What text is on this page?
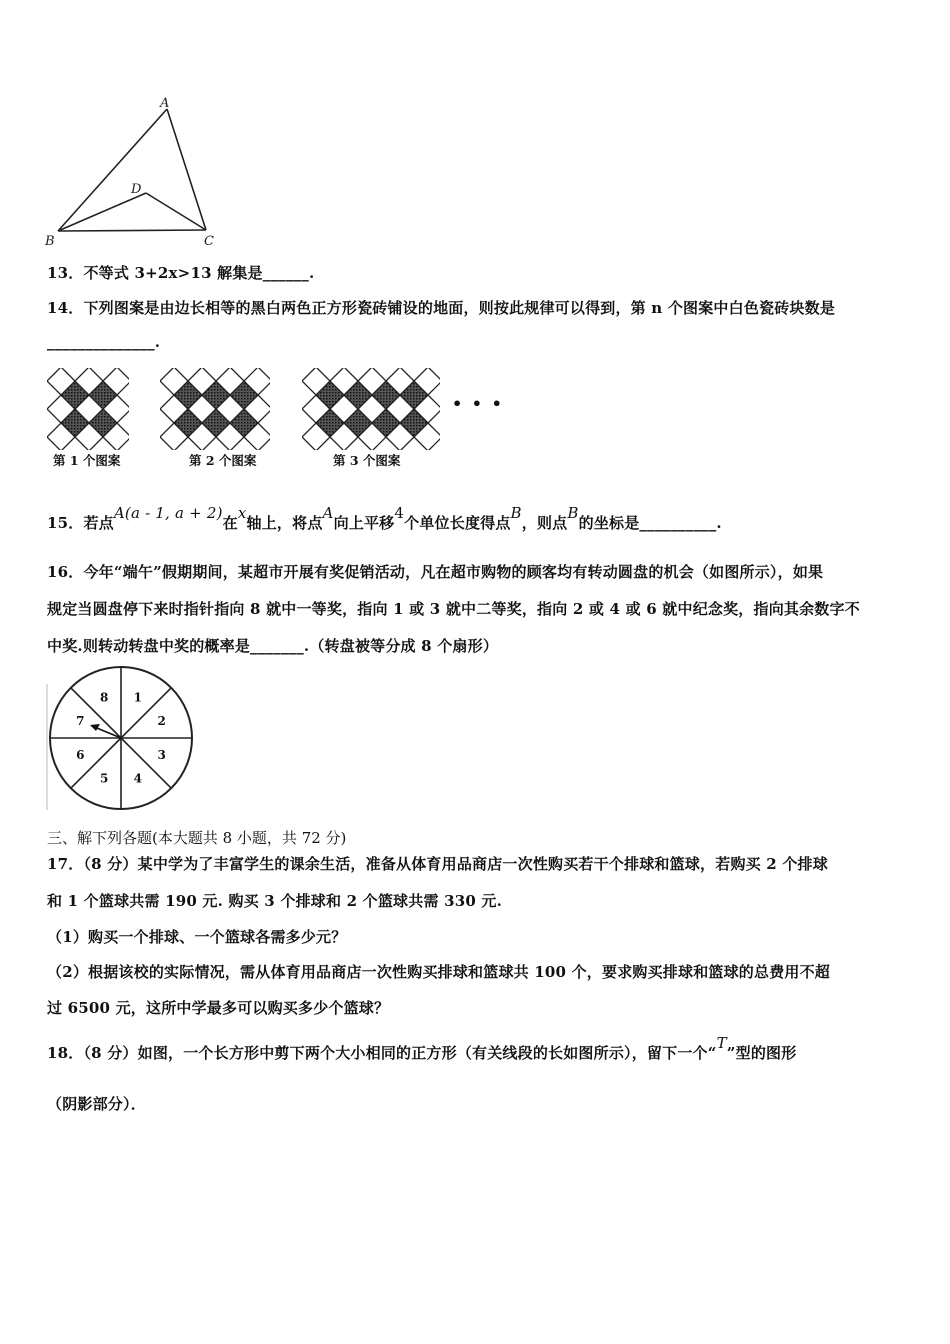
A
B	C
D
13．不等式 3+2x>13 解集是______.
14．下列图案是由边长相等的黑白两色正方形瓷砖铺设的地面，则按此规律可以得到，第 n 个图案中白色瓷砖块数是
______________.
• • •
第 1 个图案	第 2 个图案	第 3 个图案
15．若点A(a - 1, a + 2)在x轴上，将点A向上平移4个单位长度得点B，则点B的坐标是__________.
16．今年“端午”假期期间，某超市开展有奖促销活动，凡在超市购物的顾客均有转动圆盘的机会（如图所示），如果
规定当圆盘停下来时指针指向 8 就中一等奖，指向 1 或 3 就中二等奖，指向 2 或 4 或 6 就中纪念奖，指向其余数字不
中奖.则转动转盘中奖的概率是_______.（转盘被等分成 8 个扇形）
1
2
3
4
5
6
7
8
三、解下列各题(本大题共 8 小题，共 72 分)
17．（8 分）某中学为了丰富学生的课余生活，准备从体育用品商店一次性购买若干个排球和篮球，若购买 2 个排球
和 1 个篮球共需 190 元. 购买 3 个排球和 2 个篮球共需 330 元.
（1）购买一个排球、一个篮球各需多少元？
（2）根据该校的实际情况，需从体育用品商店一次性购买排球和篮球共 100 个，要求购买排球和篮球的总费用不超
过 6500 元，这所中学最多可以购买多少个篮球？
18．（8 分）如图，一个长方形中剪下两个大小相同的正方形（有关线段的长如图所示），留下一个“T”型的图形
（阴影部分）．
